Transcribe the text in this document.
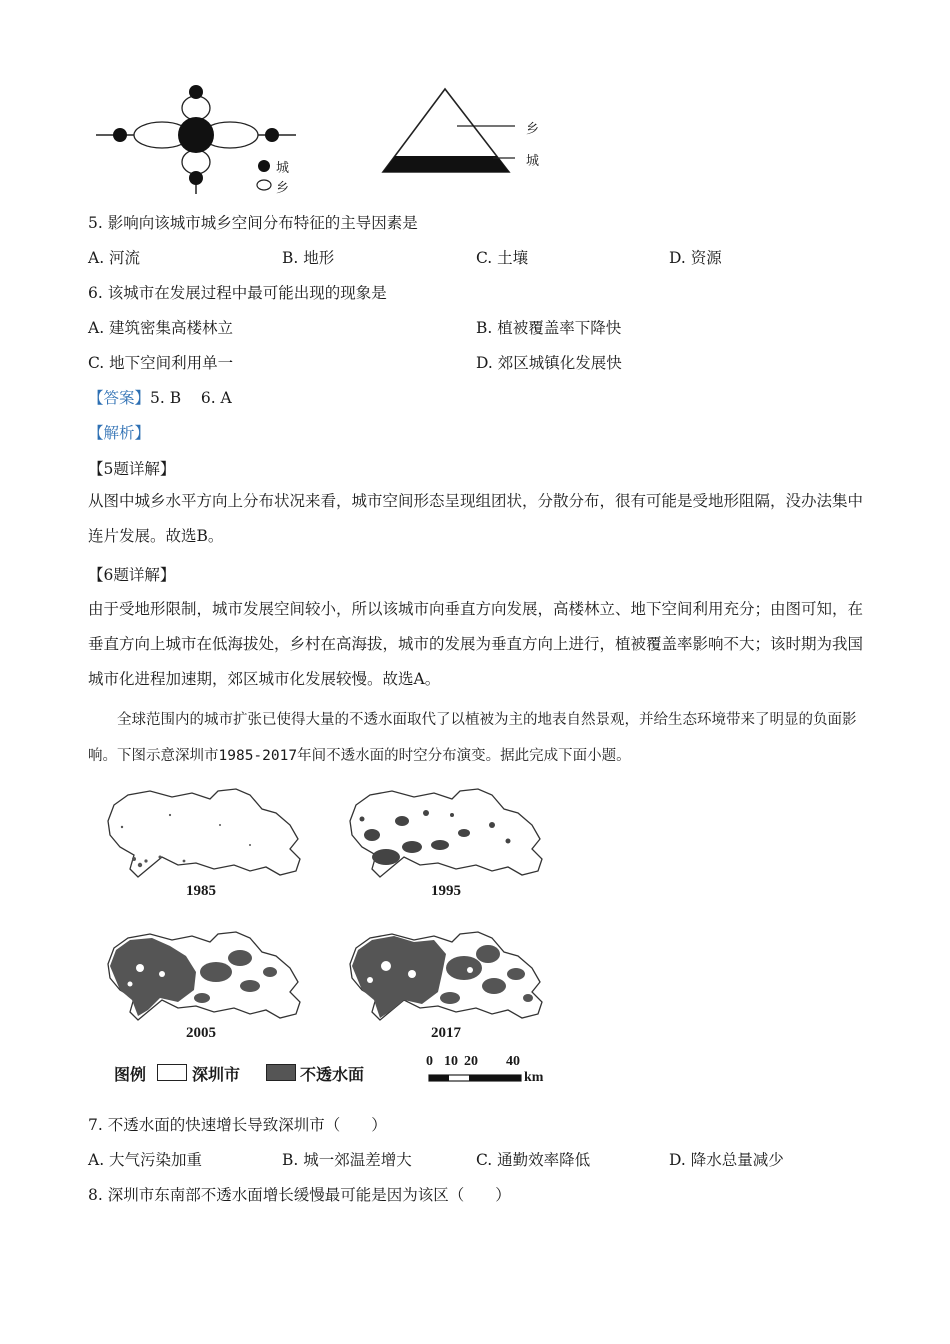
城
乡
乡
城
5. 影响向该城市城乡空间分布特征的主导因素是
A. 河流	B. 地形	C. 土壤	D. 资源
6. 该城市在发展过程中最可能出现的现象是
A. 建筑密集高楼林立	B. 植被覆盖率下降快
C. 地下空间利用单一	D. 郊区城镇化发展快
【答案】5. B    6. A
【解析】
【5题详解】
从图中城乡水平方向上分布状况来看，城市空间形态呈现组团状，分散分布，很有可能是受地形阻隔，没办法集中连片发展。故选B。
【6题详解】
由于受地形限制，城市发展空间较小，所以该城市向垂直方向发展，高楼林立、地下空间利用充分；由图可知，在垂直方向上城市在低海拔处，乡村在高海拔，城市的发展为垂直方向上进行，植被覆盖率影响不大；该时期为我国城市化进程加速期，郊区城市化发展较慢。故选A。
全球范围内的城市扩张已使得大量的不透水面取代了以植被为主的地表自然景观，并给生态环境带来了明显的负面影响。下图示意深圳市1985-2017年间不透水面的时空分布演变。据此完成下面小题。
1985	1995
2005	2017
图例	深圳市	不透水面
0 10 20 40
km
7. 不透水面的快速增长导致深圳市（　　）
A. 大气污染加重	B. 城一郊温差增大	C. 通勤效率降低	D. 降水总量减少
8. 深圳市东南部不透水面增长缓慢最可能是因为该区（　　）
